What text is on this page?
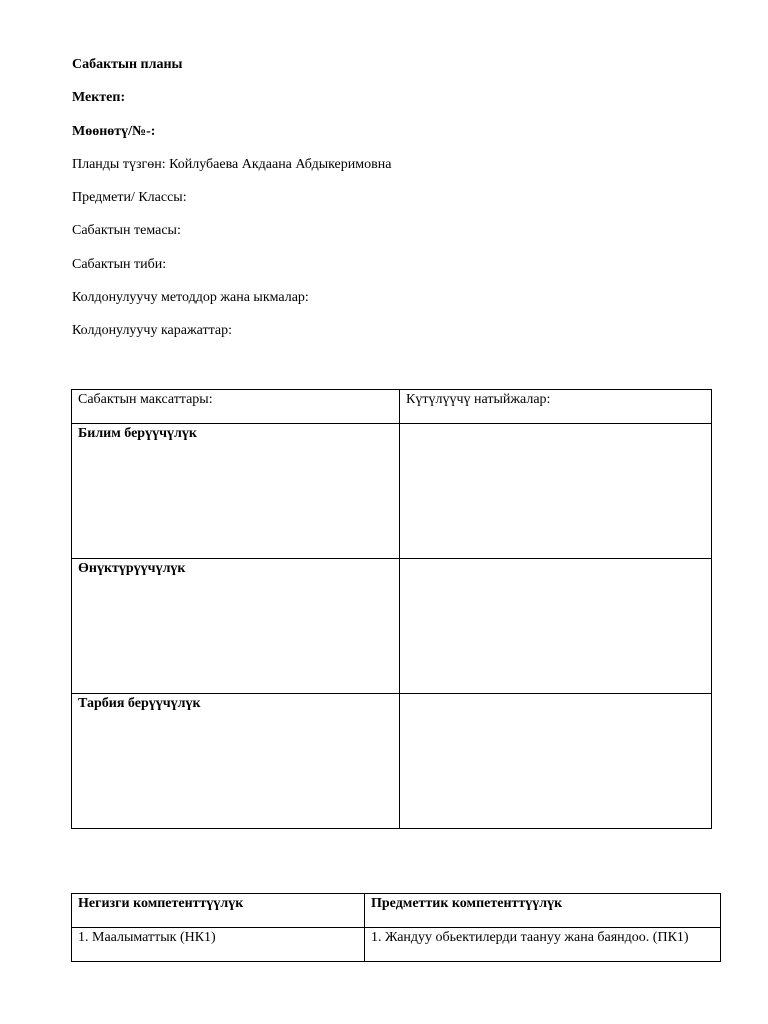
Сабактын планы
Мектеп:
Мөөнөтү/№-:
Планды түзгөн: Койлубаева Акдаана Абдыкеримовна
Предмети/ Классы:
Сабактын темасы:
Сабактын тиби:
Колдонулуучу методдор жана ыкмалар:
Колдонулуучу каражаттар:
Сабактын максаттары:	Күтүлүүчү натыйжалар:
Билим берүүчүлүк	
Өнүктүрүүчүлүк	
Тарбия берүүчүлүк	
Негизги компетенттүүлүк	Предметтик компетенттүүлүк
1. Маалыматтык (НК1)	1. Жандуу обьектилерди таануу жана баяндоо. (ПК1)
